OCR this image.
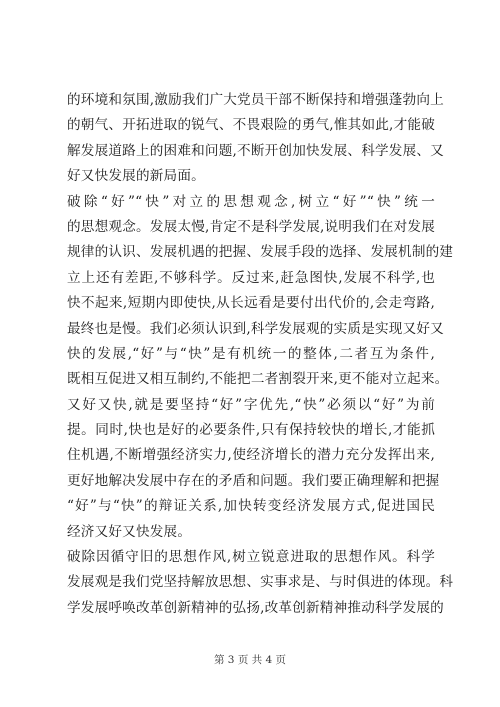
的环境和氛围,激励我们广大党员干部不断保持和增强蓬勃向上
的朝气、开拓进取的锐气、不畏艰险的勇气,惟其如此,才能破
解发展道路上的困难和问题,不断开创加快发展、科学发展、又
好又快发展的新局面。
破除“好”“快”对立的思想观念,树立“好”“快”统一
的思想观念。发展太慢,肯定不是科学发展,说明我们在对发展
规律的认识、发展机遇的把握、发展手段的选择、发展机制的建
立上还有差距,不够科学。反过来,赶急图快,发展不科学,也
快不起来,短期内即使快,从长远看是要付出代价的,会走弯路,
最终也是慢。我们必须认识到,科学发展观的实质是实现又好又
快的发展,“好”与“快”是有机统一的整体,二者互为条件,
既相互促进又相互制约,不能把二者割裂开来,更不能对立起来。
又好又快,就是要坚持“好”字优先,“快”必须以“好”为前
提。同时,快也是好的必要条件,只有保持较快的增长,才能抓
住机遇,不断增强经济实力,使经济增长的潜力充分发挥出来,
更好地解决发展中存在的矛盾和问题。我们要正确理解和把握
“好”与“快”的辩证关系,加快转变经济发展方式,促进国民
经济又好又快发展。
破除因循守旧的思想作风,树立锐意进取的思想作风。科学
发展观是我们党坚持解放思想、实事求是、与时俱进的体现。科
学发展呼唤改革创新精神的弘扬,改革创新精神推动科学发展的
第 3 页 共 4 页
